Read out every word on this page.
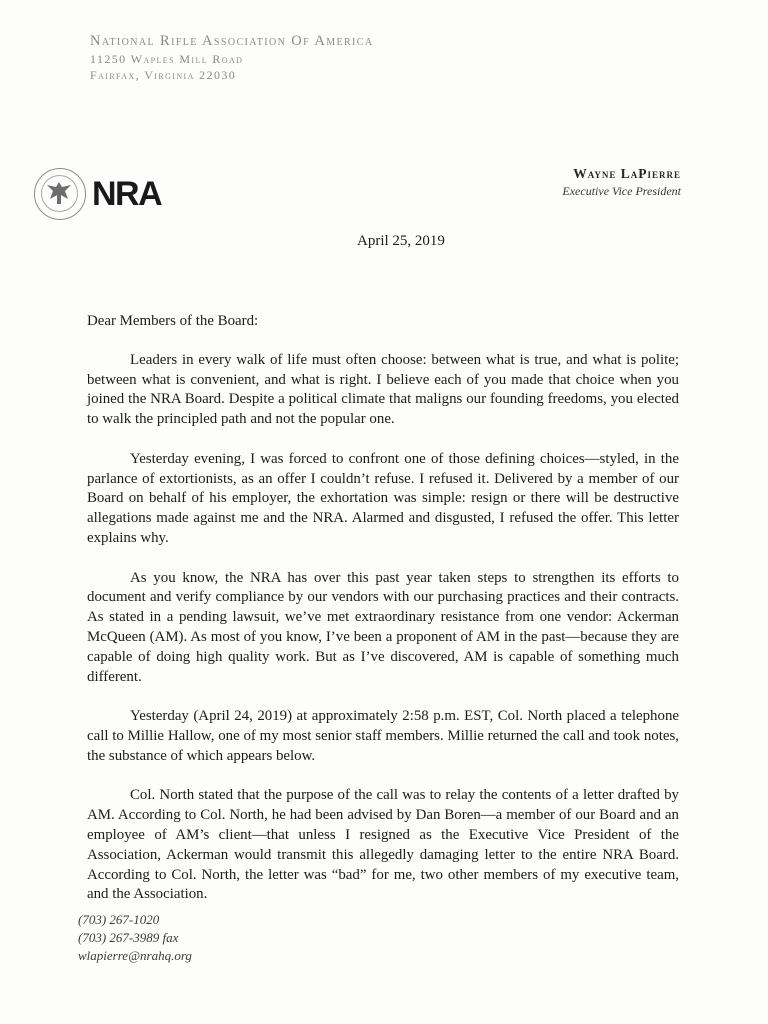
National Rifle Association Of America
11250 Waples Mill Road
Fairfax, Virginia 22030
NRA
Wayne LaPierre
Executive Vice President
April 25, 2019

Dear Members of the Board:

Leaders in every walk of life must often choose: between what is true, and what is polite; between what is convenient, and what is right. I believe each of you made that choice when you joined the NRA Board. Despite a political climate that maligns our founding freedoms, you elected to walk the principled path and not the popular one.

Yesterday evening, I was forced to confront one of those defining choices—styled, in the parlance of extortionists, as an offer I couldn’t refuse. I refused it. Delivered by a member of our Board on behalf of his employer, the exhortation was simple: resign or there will be destructive allegations made against me and the NRA. Alarmed and disgusted, I refused the offer. This letter explains why.

As you know, the NRA has over this past year taken steps to strengthen its efforts to document and verify compliance by our vendors with our purchasing practices and their contracts. As stated in a pending lawsuit, we’ve met extraordinary resistance from one vendor: Ackerman McQueen (AM). As most of you know, I’ve been a proponent of AM in the past—because they are capable of doing high quality work. But as I’ve discovered, AM is capable of something much different.

Yesterday (April 24, 2019) at approximately 2:58 p.m. EST, Col. North placed a telephone call to Millie Hallow, one of my most senior staff members. Millie returned the call and took notes, the substance of which appears below.

Col. North stated that the purpose of the call was to relay the contents of a letter drafted by AM. According to Col. North, he had been advised by Dan Boren—a member of our Board and an employee of AM’s client—that unless I resigned as the Executive Vice President of the Association, Ackerman would transmit this allegedly damaging letter to the entire NRA Board. According to Col. North, the letter was “bad” for me, two other members of my executive team, and the Association.

(703) 267-1020
(703) 267-3989 fax
wlapierre@nrahq.org
